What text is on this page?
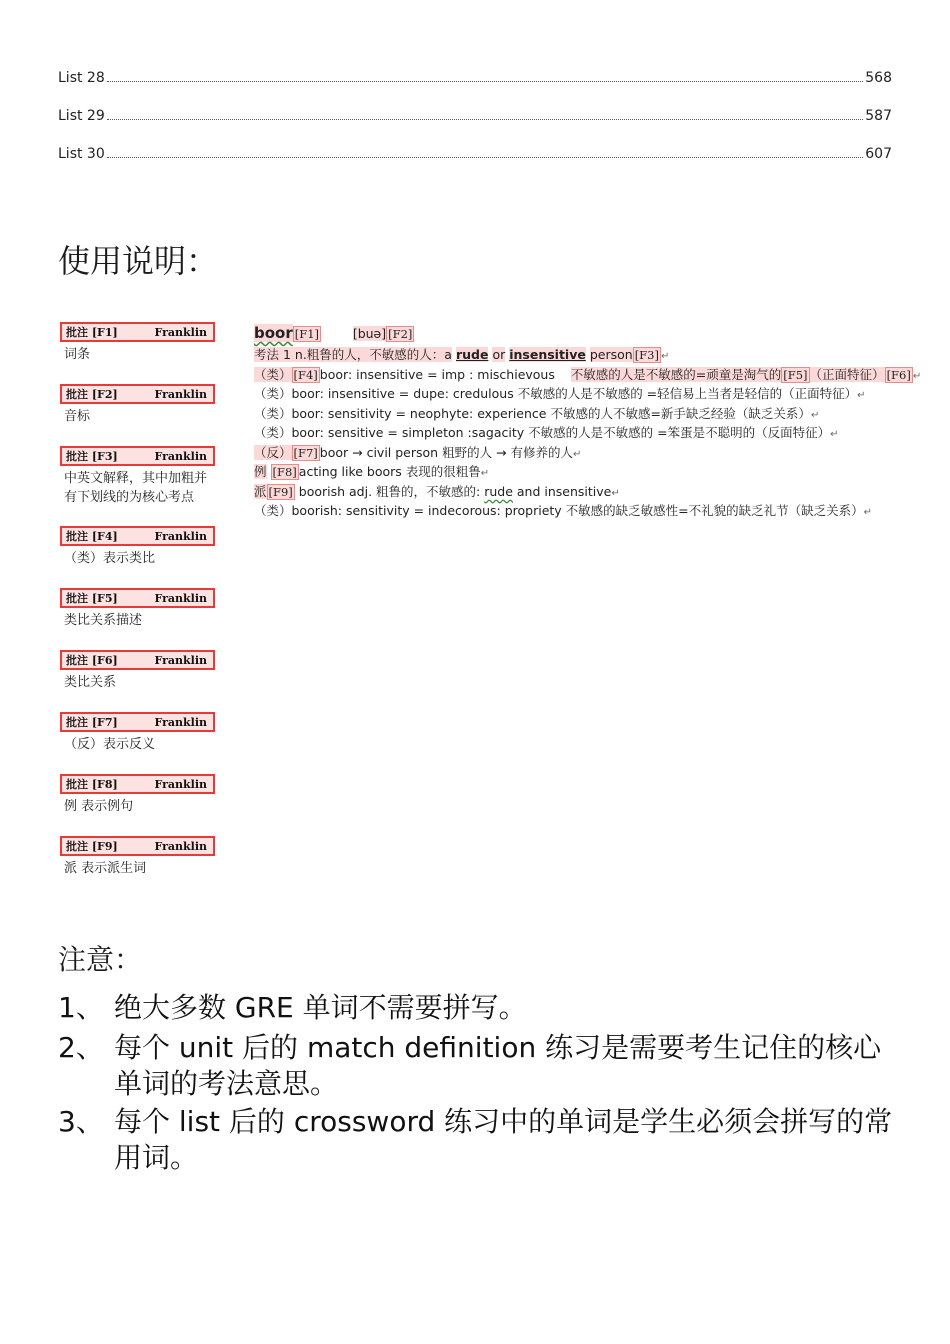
List 28	568
List 29	587
List 30	607
使用说明：
批注 [F1]	Franklin
词条
批注 [F2]	Franklin
音标
批注 [F3]	Franklin
中英文解释，其中加粗并有下划线的为核心考点
批注 [F4]	Franklin
（类）表示类比
批注 [F5]	Franklin
类比关系描述
批注 [F6]	Franklin
类比关系
批注 [F7]	Franklin
（反）表示反义
批注 [F8]	Franklin
例 表示例句
批注 [F9]	Franklin
派 表示派生词
boor [F1]	[buə] [F2]
考法 1 n.粗鲁的人，不敏感的人：a rude or insensitive person [F3] ↵
（类） [F4] boor: insensitive = imp : mischievous 不敏感的人是不敏感的=顽童是淘气的 [F5] （正面特征） [F6] ↵
（类）boor: insensitive = dupe: credulous 不敏感的人是不敏感的 =轻信易上当者是轻信的（正面特征）↵
（类）boor: sensitivity = neophyte: experience 不敏感的人不敏感=新手缺乏经验（缺乏关系）↵
（类）boor: sensitive = simpleton :sagacity 不敏感的人是不敏感的 =笨蛋是不聪明的（反面特征）↵
（反） [F7] boor → civil person 粗野的人 → 有修养的人↵
例 [F8] acting like boors 表现的很粗鲁↵
派 [F9] boorish adj. 粗鲁的，不敏感的: rude and insensitive↵
（类）boorish: sensitivity = indecorous: propriety 不敏感的缺乏敏感性=不礼貌的缺乏礼节（缺乏关系）↵
注意：
1、 绝大多数 GRE 单词不需要拼写。
2、 每个 unit 后的 match definition 练习是需要考生记住的核心单词的考法意思。
3、 每个 list 后的 crossword 练习中的单词是学生必须会拼写的常用词。
